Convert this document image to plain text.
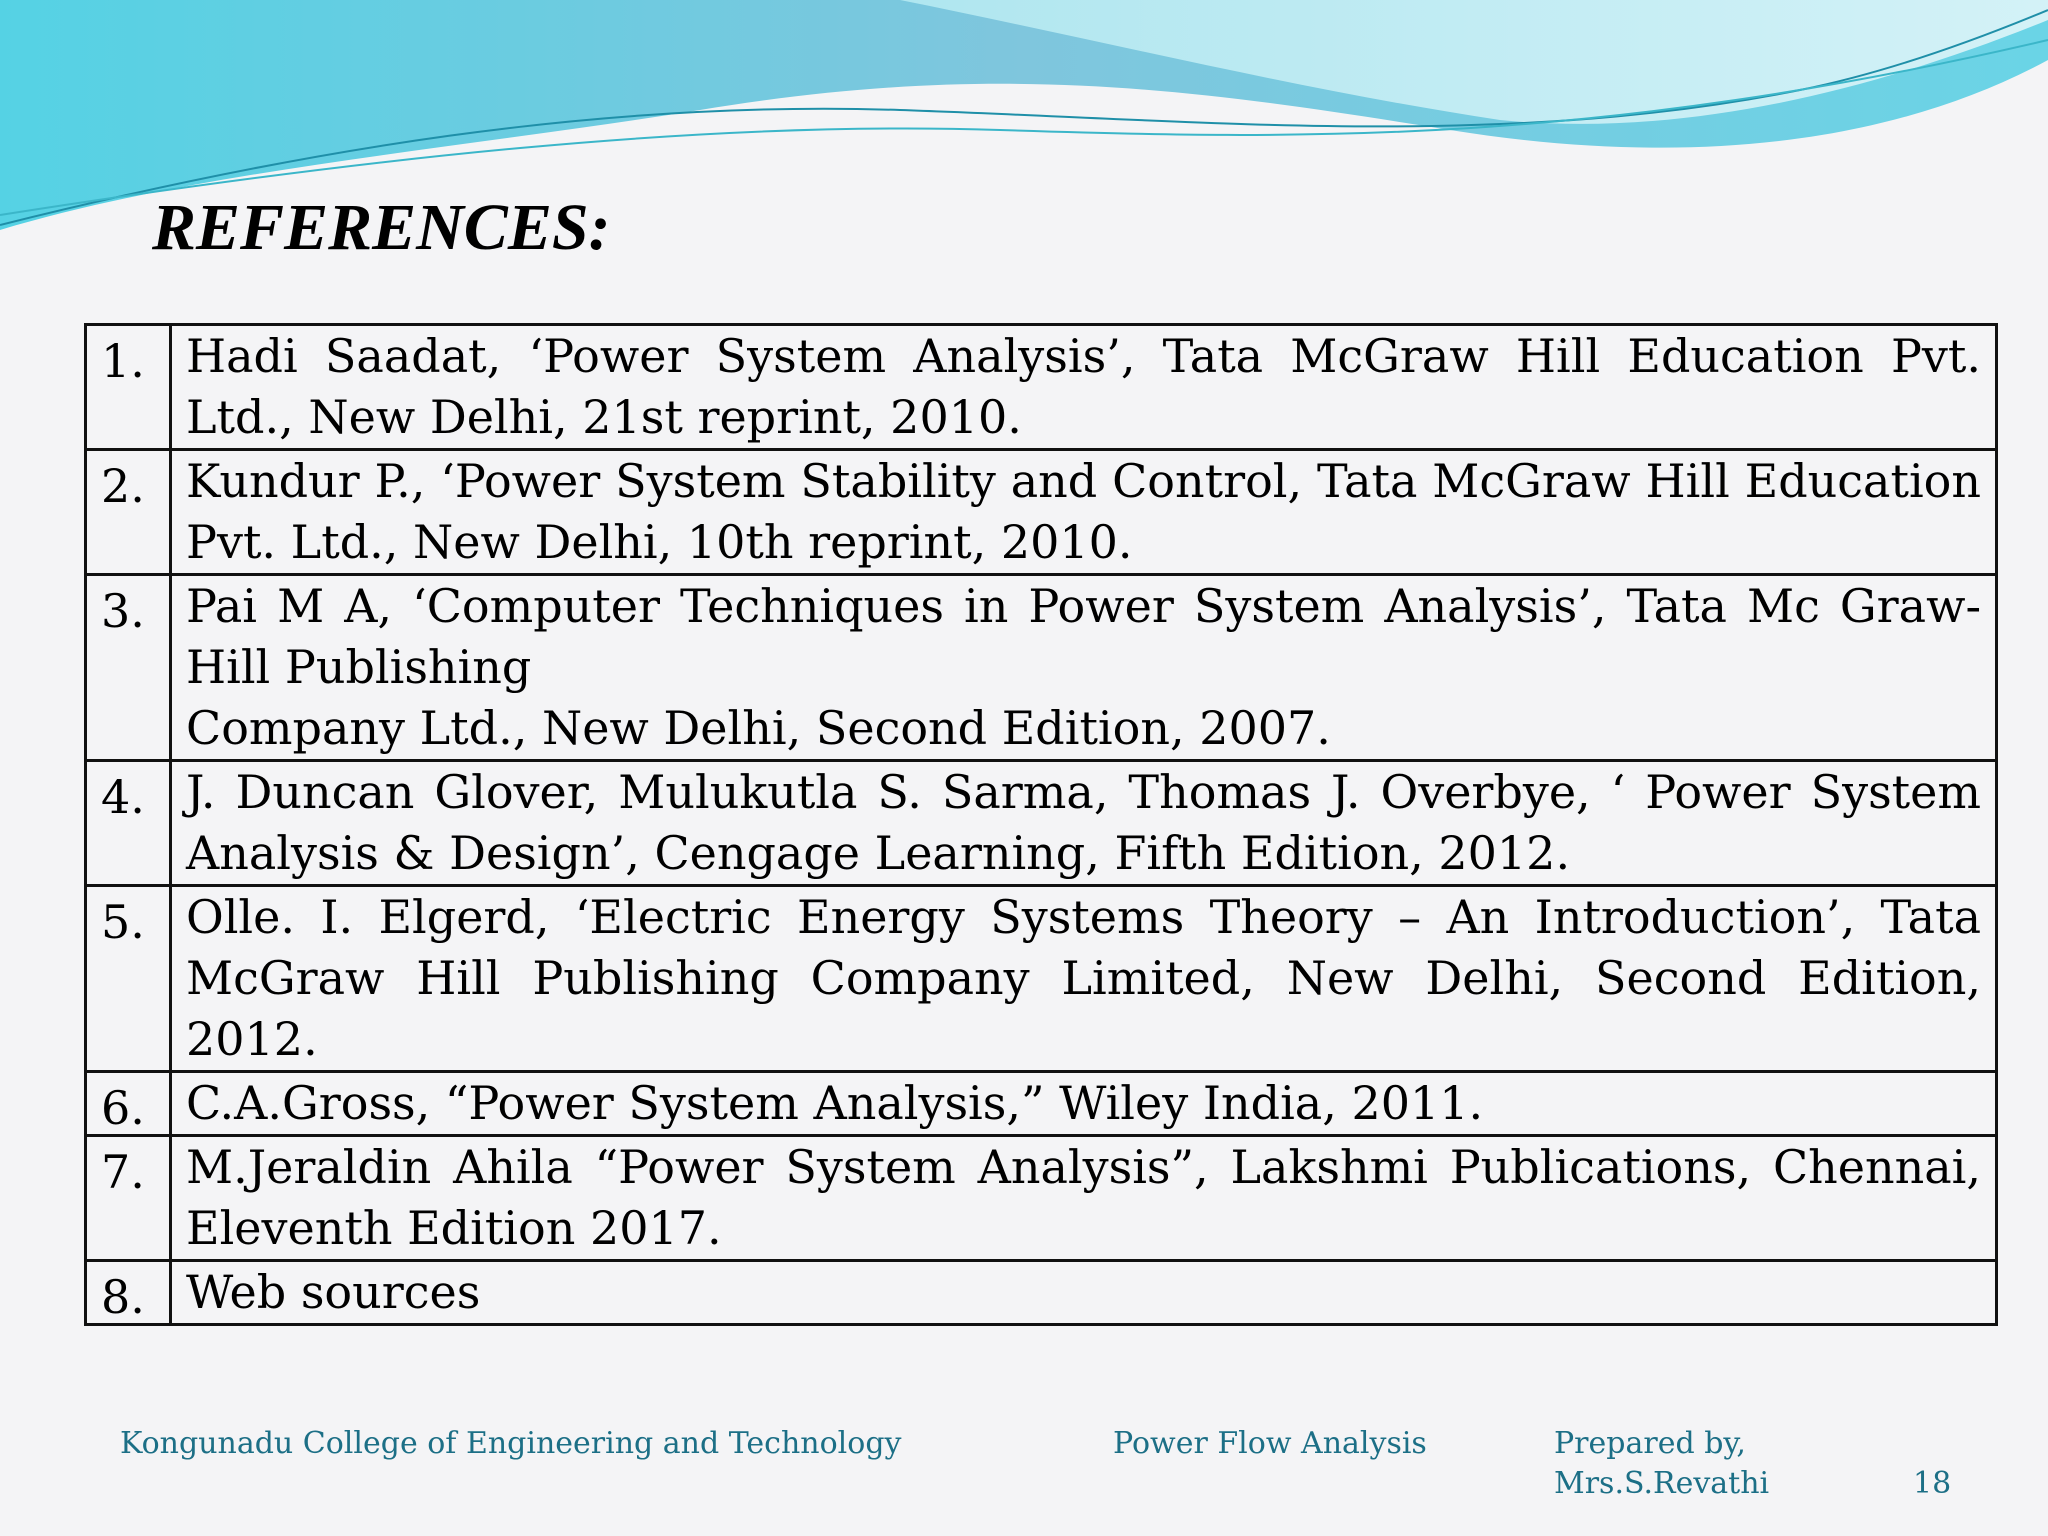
REFERENCES:
1.	Hadi Saadat, ‘Power System Analysis’, Tata McGraw Hill Education Pvt. Ltd., New Delhi, 21st reprint, 2010.
2.	Kundur P., ‘Power System Stability and Control, Tata McGraw Hill Education Pvt. Ltd., New Delhi, 10th reprint, 2010.
3.	Pai M A, ‘Computer Techniques in Power System Analysis’, Tata Mc Graw-Hill Publishing
Company Ltd., New Delhi, Second Edition, 2007.

4.	J. Duncan Glover, Mulukutla S. Sarma, Thomas J. Overbye, ‘ Power System Analysis & Design’, Cengage Learning, Fifth Edition, 2012.
5.	Olle. I. Elgerd, ‘Electric Energy Systems Theory – An Introduction’, Tata McGraw Hill Publishing Company Limited, New Delhi, Second Edition, 2012.
6.	C.A.Gross, “Power System Analysis,” Wiley India, 2011.
7.	M.Jeraldin Ahila “Power System Analysis”, Lakshmi Publications, Chennai, Eleventh Edition 2017.
8.	Web sources
Kongunadu College of Engineering and Technology	Power Flow Analysis	Prepared by,
Mrs.S.Revathi	18
